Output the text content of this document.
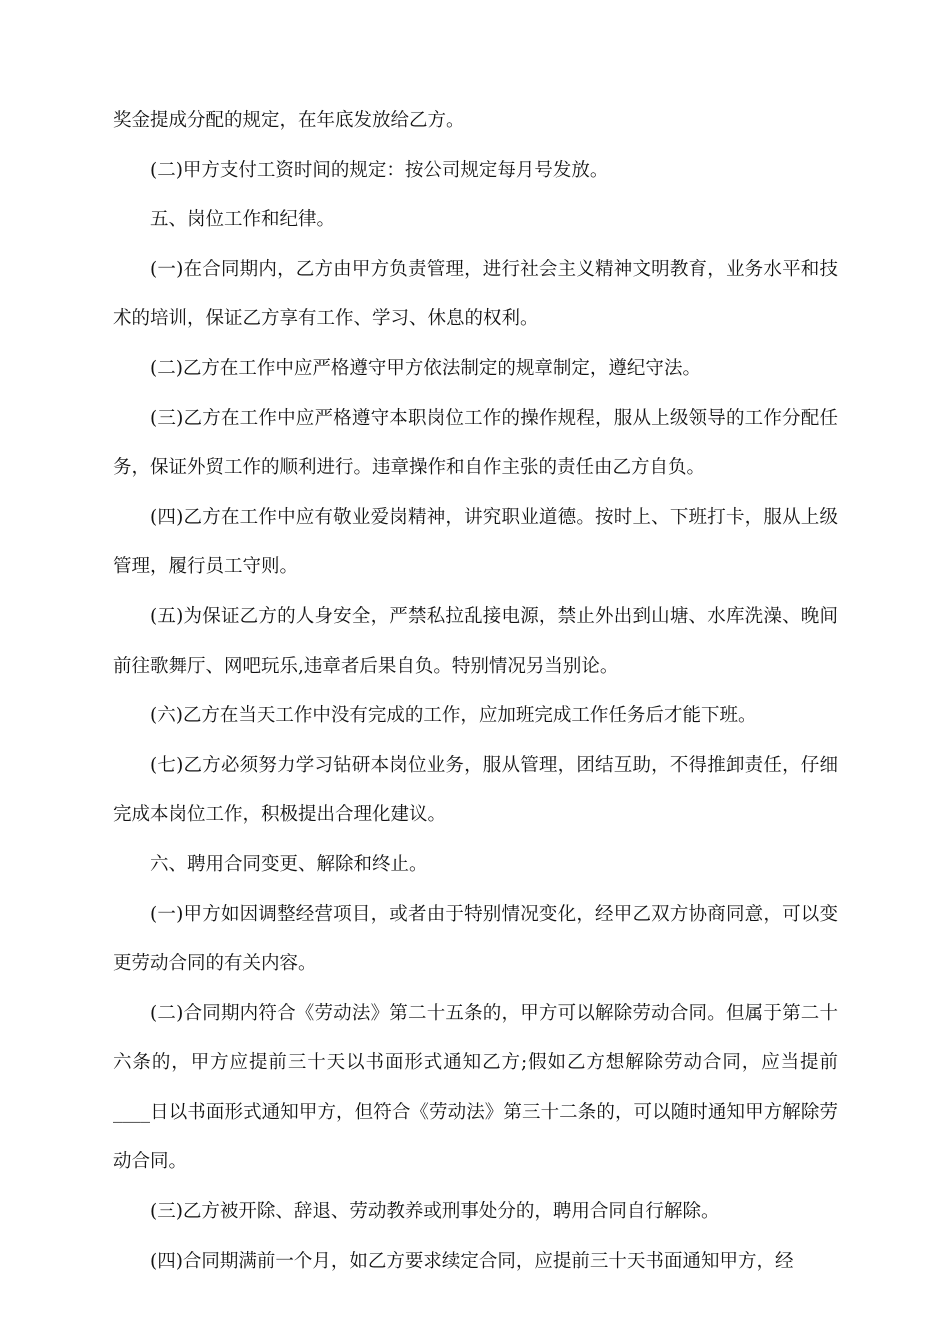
奖金提成分配的规定，在年底发放给乙方。

(二)甲方支付工资时间的规定：按公司规定每月号发放。

五、岗位工作和纪律。

(一)在合同期内，乙方由甲方负责管理，进行社会主义精神文明教育，业务水平和技术的培训，保证乙方享有工作、学习、休息的权利。

(二)乙方在工作中应严格遵守甲方依法制定的规章制定，遵纪守法。

(三)乙方在工作中应严格遵守本职岗位工作的操作规程，服从上级领导的工作分配任务，保证外贸工作的顺利进行。违章操作和自作主张的责任由乙方自负。

(四)乙方在工作中应有敬业爱岗精神，讲究职业道德。按时上、下班打卡，服从上级管理，履行员工守则。

(五)为保证乙方的人身安全，严禁私拉乱接电源，禁止外出到山塘、水库洗澡、晚间前往歌舞厅、网吧玩乐,违章者后果自负。特别情况另当别论。

(六)乙方在当天工作中没有完成的工作，应加班完成工作任务后才能下班。

(七)乙方必须努力学习钻研本岗位业务，服从管理，团结互助，不得推卸责任，仔细完成本岗位工作，积极提出合理化建议。

六、聘用合同变更、解除和终止。

(一)甲方如因调整经营项目，或者由于特别情况变化，经甲乙双方协商同意，可以变更劳动合同的有关内容。

(二)合同期内符合《劳动法》第二十五条的，甲方可以解除劳动合同。但属于第二十六条的，甲方应提前三十天以书面形式通知乙方;假如乙方想解除劳动合同，应当提前____日以书面形式通知甲方，但符合《劳动法》第三十二条的，可以随时通知甲方解除劳动合同。

(三)乙方被开除、辞退、劳动教养或刑事处分的，聘用合同自行解除。

(四)合同期满前一个月，如乙方要求续定合同，应提前三十天书面通知甲方，经
